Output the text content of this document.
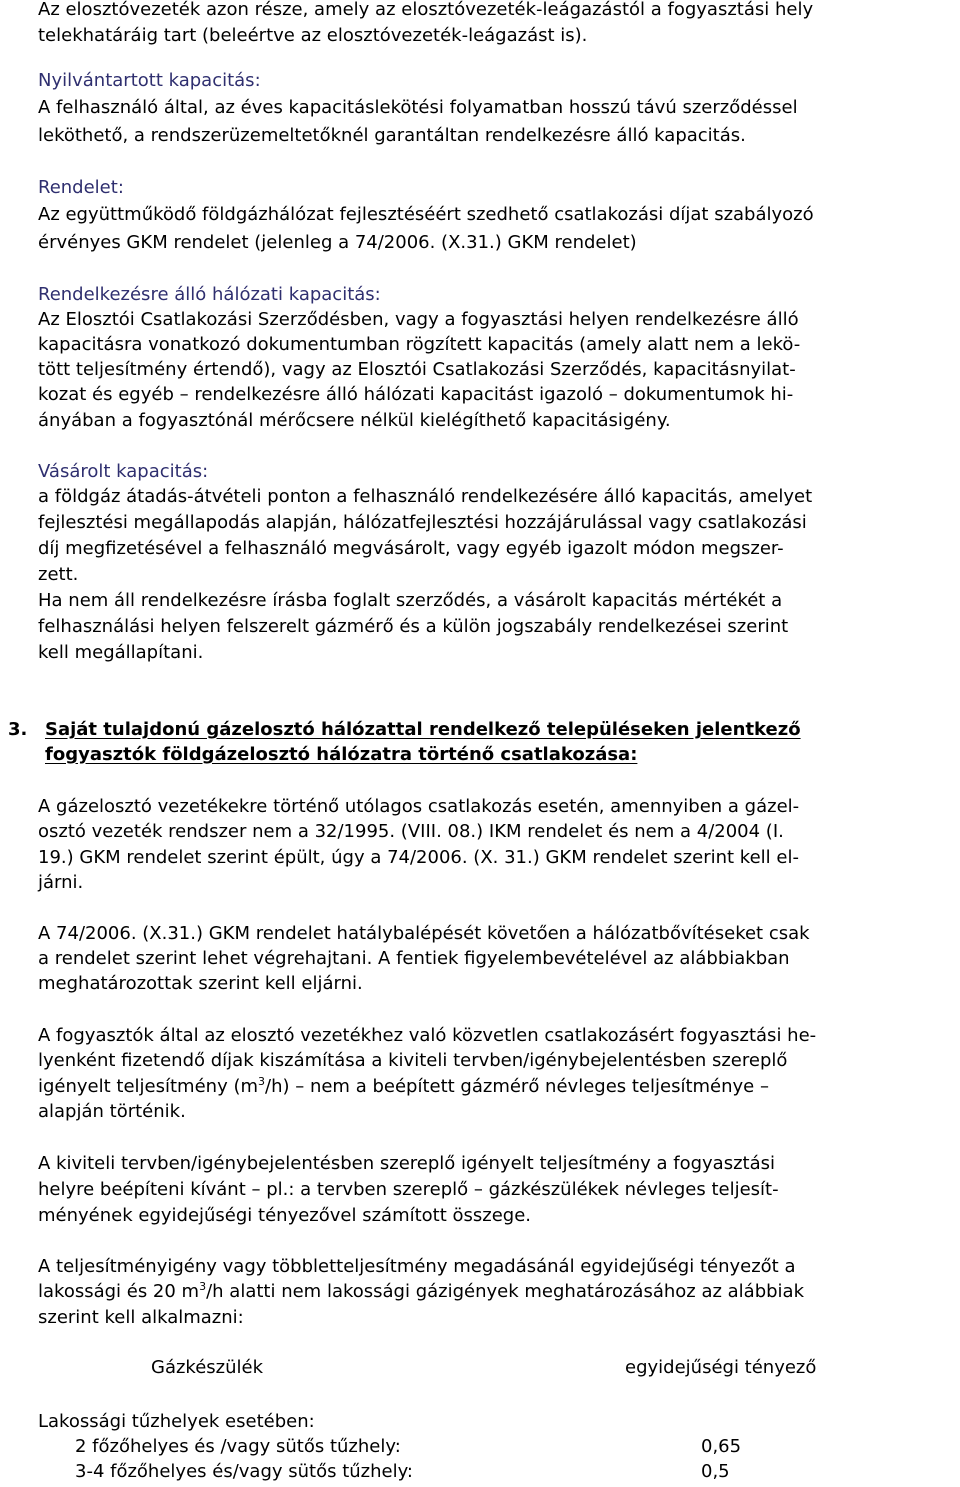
Az elosztóvezeték azon része, amely az elosztóvezeték-leágazástól a fogyasztási hely
telekhatáráig tart (beleértve az elosztóvezeték-leágazást is).
Nyilvántartott kapacitás:
A felhasználó által, az éves kapacitáslekötési folyamatban hosszú távú szerződéssel
leköthető, a rendszerüzemeltetőknél garantáltan rendelkezésre álló kapacitás.
Rendelet:
Az együttműködő földgázhálózat fejlesztéséért szedhető csatlakozási díjat szabályozó
érvényes GKM rendelet (jelenleg a 74/2006. (X.31.) GKM rendelet)
Rendelkezésre álló hálózati kapacitás:
Az Elosztói Csatlakozási Szerződésben, vagy a fogyasztási helyen rendelkezésre álló
kapacitásra vonatkozó dokumentumban rögzített kapacitás (amely alatt nem a lekö-
tött teljesítmény értendő), vagy az Elosztói Csatlakozási Szerződés, kapacitásnyilat-
kozat és egyéb – rendelkezésre álló hálózati kapacitást igazoló – dokumentumok hi-
ányában a fogyasztónál mérőcsere nélkül kielégíthető kapacitásigény.
Vásárolt kapacitás:
a földgáz átadás-átvételi ponton a felhasználó rendelkezésére álló kapacitás, amelyet
fejlesztési megállapodás alapján, hálózatfejlesztési hozzájárulással vagy csatlakozási
díj megfizetésével a felhasználó megvásárolt, vagy egyéb igazolt módon megszer-
zett.
Ha nem áll rendelkezésre írásba foglalt szerződés, a vásárolt kapacitás mértékét a
felhasználási helyen felszerelt gázmérő és a külön jogszabály rendelkezései szerint
kell megállapítani.
3. Saját tulajdonú gázelosztó hálózattal rendelkező településeken jelentkező
fogyasztók földgázelosztó hálózatra történő csatlakozása:
A gázelosztó vezetékekre történő utólagos csatlakozás esetén, amennyiben a gázel-
osztó vezeték rendszer nem a 32/1995. (VIII. 08.) IKM rendelet és nem a 4/2004 (I.
19.) GKM rendelet szerint épült, úgy a 74/2006. (X. 31.) GKM rendelet szerint kell el-
járni.
A 74/2006. (X.31.) GKM rendelet hatálybalépését követően a hálózatbővítéseket csak
a rendelet szerint lehet végrehajtani. A fentiek figyelembevételével az alábbiakban
meghatározottak szerint kell eljárni.
A fogyasztók által az elosztó vezetékhez való közvetlen csatlakozásért fogyasztási he-
lyenként fizetendő díjak kiszámítása a kiviteli tervben/igénybejelentésben szereplő
igényelt teljesítmény $(m^3/h)$ – nem a beépített gázmérő névleges teljesítménye –
alapján történik.
A kiviteli tervben/igénybejelentésben szereplő igényelt teljesítmény a fogyasztási
helyre beépíteni kívánt – pl.: a tervben szereplő – gázkészülékek névleges teljesít-
ményének egyidejűségi tényezővel számított összege.
A teljesítményigény vagy többletteljesítmény megadásánál egyidejűségi tényezőt a
lakossági és 20 $m^3/h$ alatti nem lakossági gázigények meghatározásához az alábbiak
szerint kell alkalmazni:
Gázkészülék	egyidejűségi tényező
Lakossági tűzhelyek esetében:
2 főzőhelyes és /vagy sütős tűzhely:	0,65
3-4 főzőhelyes és/vagy sütős tűzhely:	0,5
